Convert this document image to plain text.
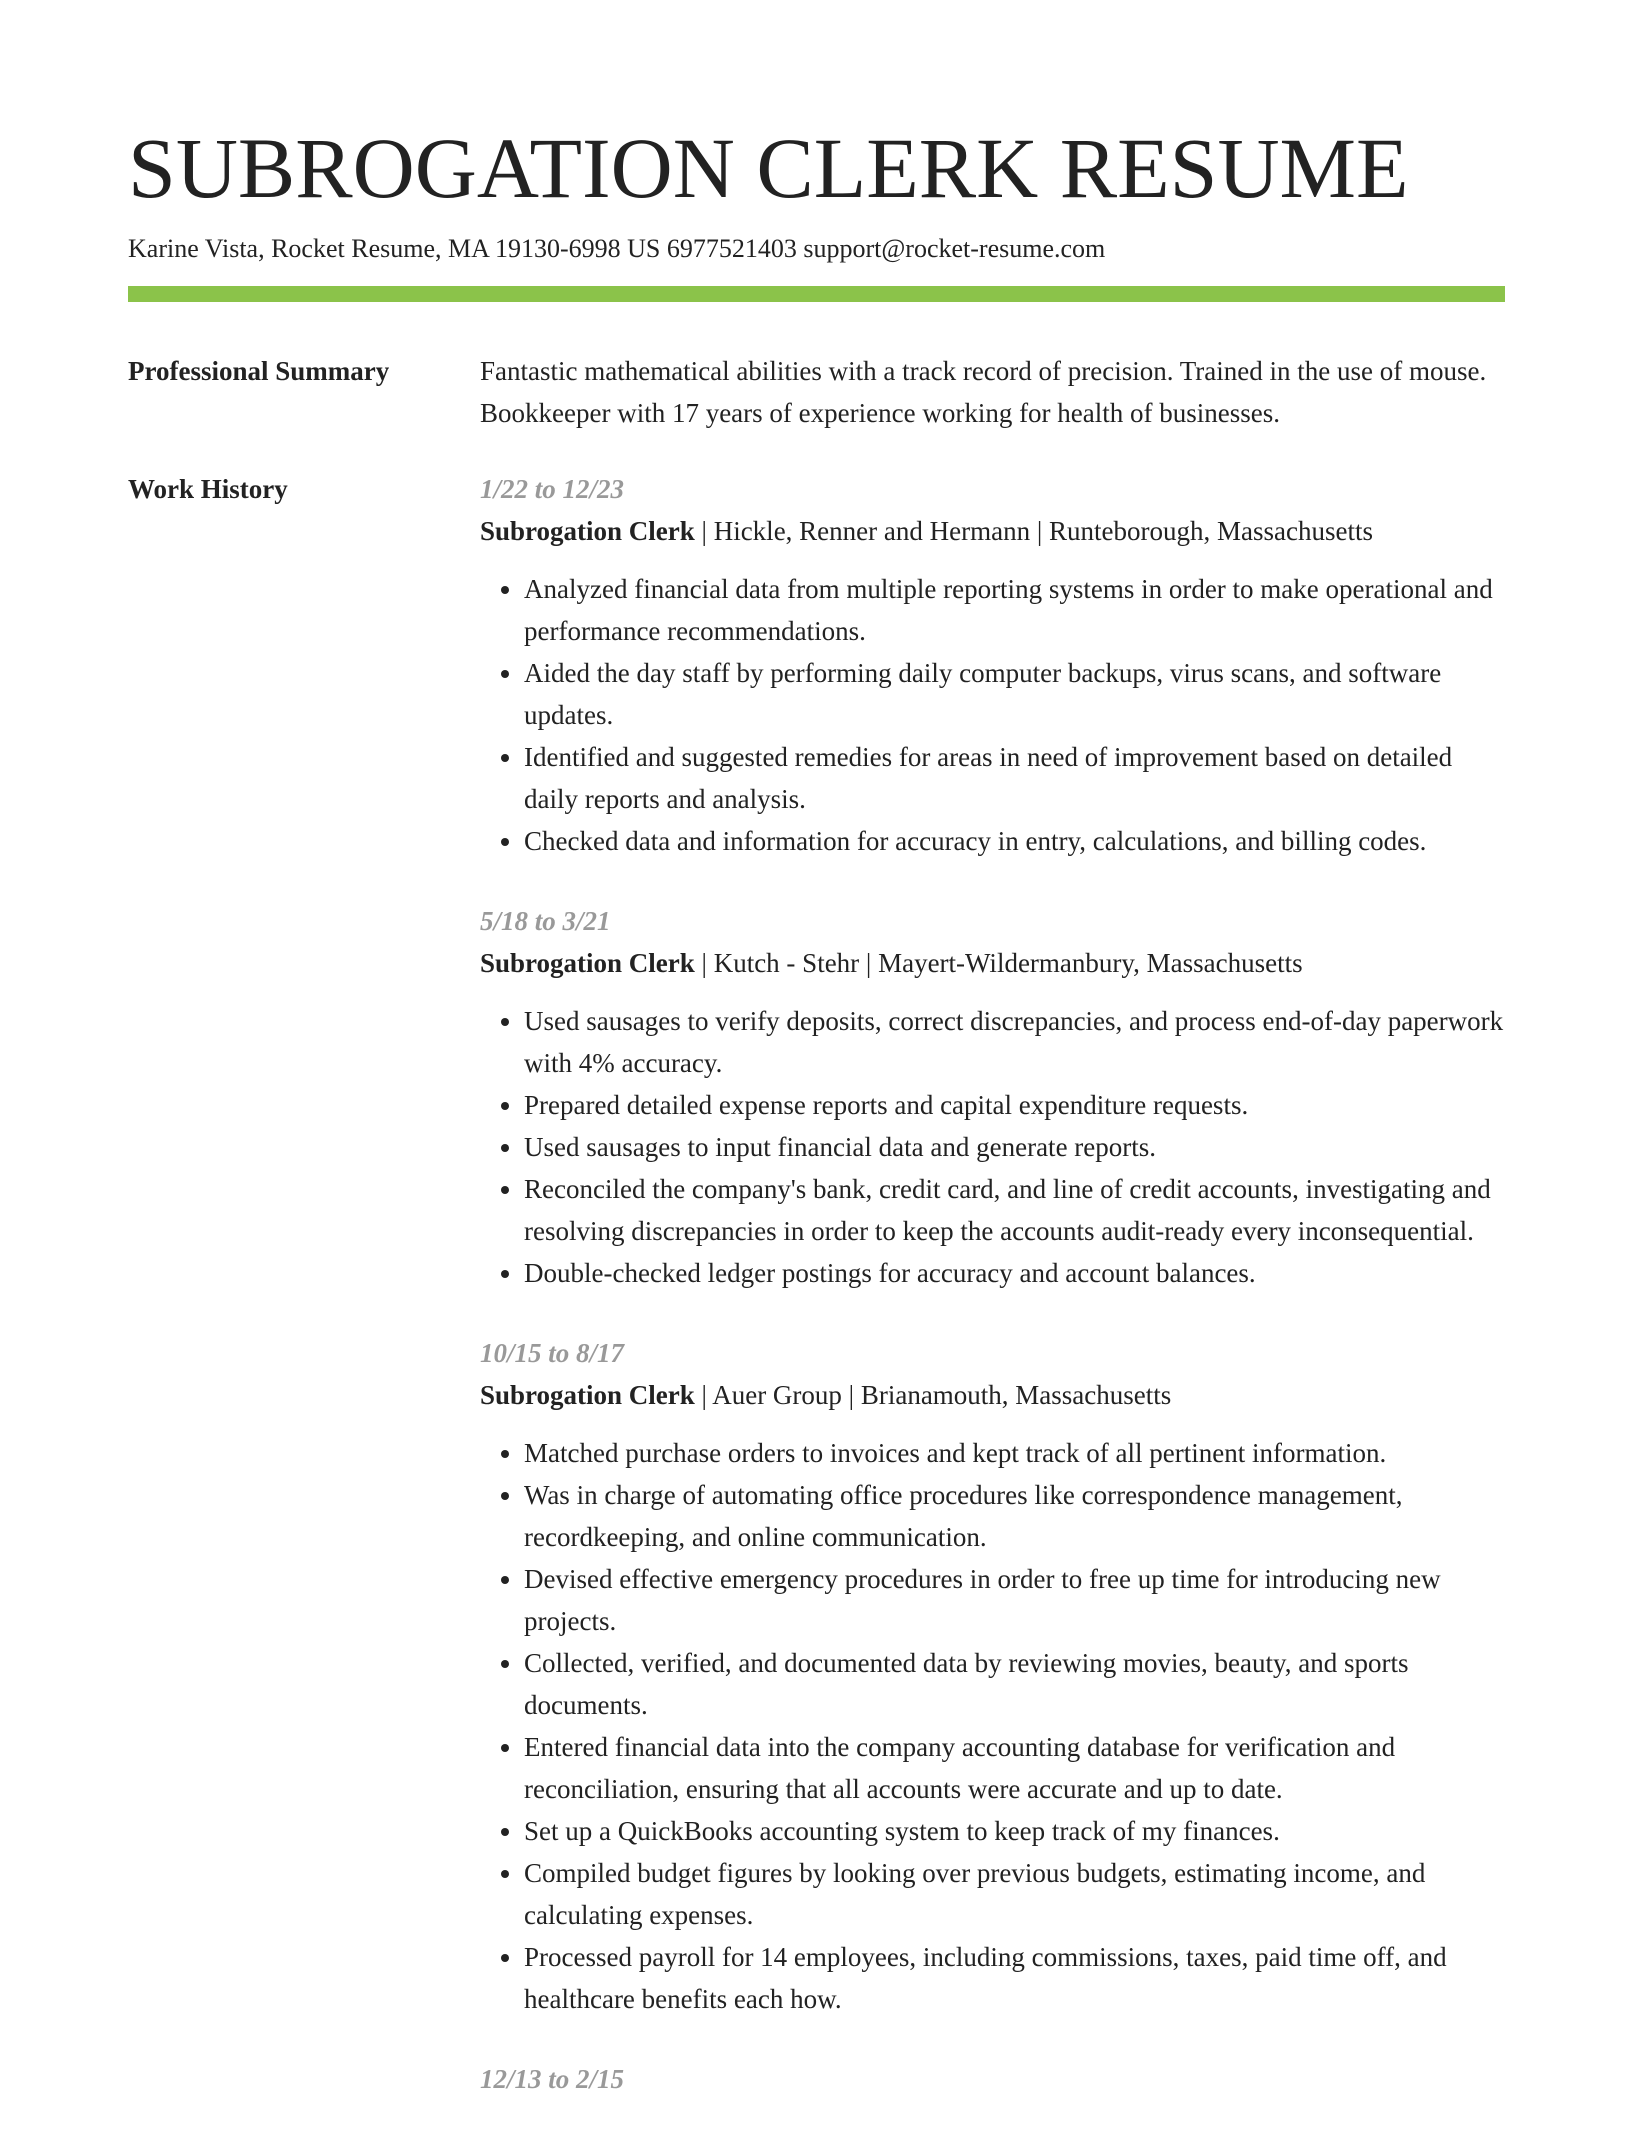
SUBROGATION CLERK RESUME
Karine Vista, Rocket Resume, MA 19130-6998 US 6977521403 support@rocket-resume.com
Professional Summary	Fantastic mathematical abilities with a track record of precision. Trained in the use of mouse. Bookkeeper with 17 years of experience working for health of businesses.

Work History	1/22 to 12/23
Subrogation Clerk | Hickle, Renner and Hermann | Runteborough, Massachusetts
• Analyzed financial data from multiple reporting systems in order to make operational and performance recommendations.
• Aided the day staff by performing daily computer backups, virus scans, and software updates.
• Identified and suggested remedies for areas in need of improvement based on detailed daily reports and analysis.
• Checked data and information for accuracy in entry, calculations, and billing codes.
5/18 to 3/21
Subrogation Clerk | Kutch - Stehr | Mayert-Wildermanbury, Massachusetts
• Used sausages to verify deposits, correct discrepancies, and process end-of-day paperwork with 4% accuracy.
• Prepared detailed expense reports and capital expenditure requests.
• Used sausages to input financial data and generate reports.
• Reconciled the company's bank, credit card, and line of credit accounts, investigating and resolving discrepancies in order to keep the accounts audit-ready every inconsequential.
• Double-checked ledger postings for accuracy and account balances.
10/15 to 8/17
Subrogation Clerk | Auer Group | Brianamouth, Massachusetts
• Matched purchase orders to invoices and kept track of all pertinent information.
• Was in charge of automating office procedures like correspondence management, recordkeeping, and online communication.
• Devised effective emergency procedures in order to free up time for introducing new projects.
• Collected, verified, and documented data by reviewing movies, beauty, and sports documents.
• Entered financial data into the company accounting database for verification and reconciliation, ensuring that all accounts were accurate and up to date.
• Set up a QuickBooks accounting system to keep track of my finances.
• Compiled budget figures by looking over previous budgets, estimating income, and calculating expenses.
• Processed payroll for 14 employees, including commissions, taxes, paid time off, and healthcare benefits each how.
12/13 to 2/15
